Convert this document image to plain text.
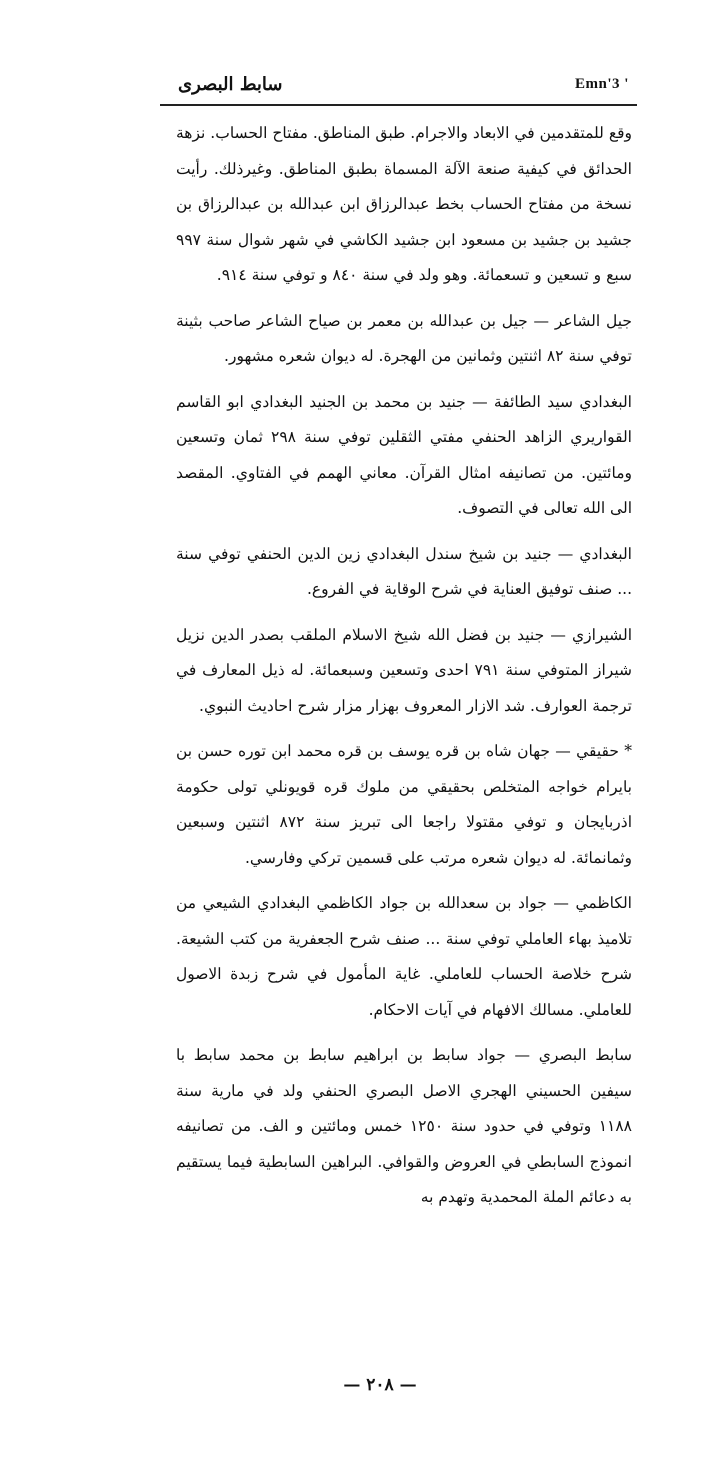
سابط البصری	Emn'3 '

وقع للمتقدمين في الابعاد والاجرام. طبق المناطق. مفتاح الحساب. نزهة الحدائق في كيفية صنعة الآلة المسماة بطبق المناطق. وغيرذلك. رأيت نسخة من مفتاح الحساب بخط عبدالرزاق ابن عبدالله بن عبدالرزاق بن جشيد بن جشيد بن مسعود ابن جشيد الكاشي في شهر شوال سنة ٩٩٧ سبع و تسعين و تسعمائة. وهو ولد في سنة ٨٤٠ و توفي سنة ٩١٤.

جيل الشاعر — جيل بن عبدالله بن معمر بن صياح الشاعر صاحب بثينة توفي سنة ٨٢ اثنتين وثمانين من الهجرة. له ديوان شعره مشهور.

البغدادي سيد الطائفة — جنيد بن محمد بن الجنيد البغدادي ابو القاسم القواريري الزاهد الحنفي مفتي الثقلين توفي سنة ٢٩٨ ثمان وتسعين ومائتين. من تصانيفه امثال القرآن. معاني الهمم في الفتاوي. المقصد الى الله تعالى في التصوف.

البغدادي — جنيد بن شيخ سندل البغدادي زين الدين الحنفي توفي سنة ... صنف توفيق العناية في شرح الوقاية في الفروع.

الشيرازي — جنيد بن فضل الله شيخ الاسلام الملقب بصدر الدين نزيل شيراز المتوفي سنة ٧٩١ احدى وتسعين وسبعمائة. له ذيل المعارف في ترجمة العوارف. شد الازار المعروف بهزار مزار شرح احاديث النبوي.

* حقيقي — جهان شاه بن قره يوسف بن قره محمد ابن توره حسن بن بايرام خواجه المتخلص بحقيقي من ملوك قره قويونلي تولى حكومة اذربايجان و توفي مقتولا راجعا الى تبريز سنة ٨٧٢ اثنتين وسبعين وثمانمائة. له ديوان شعره مرتب على قسمين تركي وفارسي.

الكاظمي — جواد بن سعدالله بن جواد الكاظمي البغدادي الشيعي من تلاميذ بهاء العاملي توفي سنة ... صنف شرح الجعفرية من كتب الشيعة. شرح خلاصة الحساب للعاملي. غاية المأمول في شرح زبدة الاصول للعاملي. مسالك الافهام في آيات الاحكام.

سابط البصري — جواد سابط بن ابراهيم سابط بن محمد سابط با سيفين الحسيني الهجري الاصل البصري الحنفي ولد في مارية سنة ١١٨٨ وتوفي في حدود سنة ١٢٥٠ خمس ومائتين و الف. من تصانيفه انموذج السابطي في العروض والقوافي. البراهين السابطية فيما يستقيم به دعائم الملة المحمدية وتهدم به

— ٢٠٨ —
